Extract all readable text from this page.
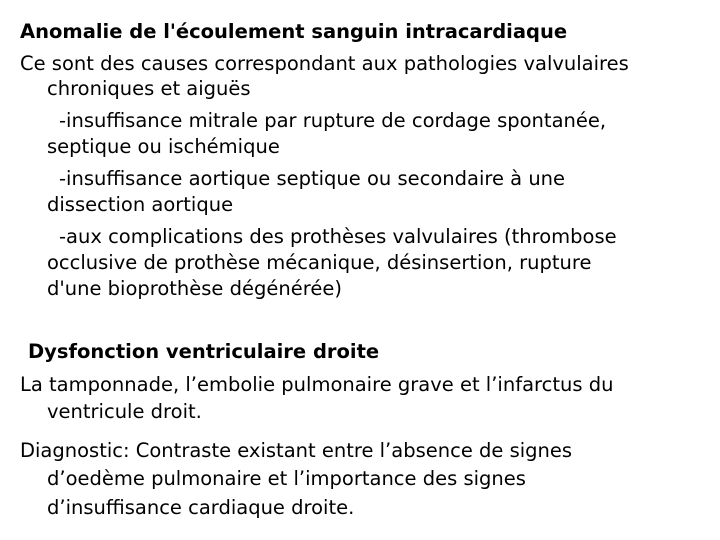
Anomalie de l'écoulement sanguin intracardiaque
Ce sont des causes correspondant aux pathologies valvulaires
chroniques et aiguës
-insuffisance mitrale par rupture de cordage spontanée,
septique ou ischémique
-insuffisance aortique septique ou secondaire à une
dissection aortique
-aux complications des prothèses valvulaires (thrombose
occlusive de prothèse mécanique, désinsertion, rupture
d'une bioprothèse dégénérée)
Dysfonction ventriculaire droite
La tamponnade, l’embolie pulmonaire grave et l’infarctus du
ventricule droit.
Diagnostic: Contraste existant entre l’absence de signes
d’oedème pulmonaire et l’importance des signes
d’insuffisance cardiaque droite.
